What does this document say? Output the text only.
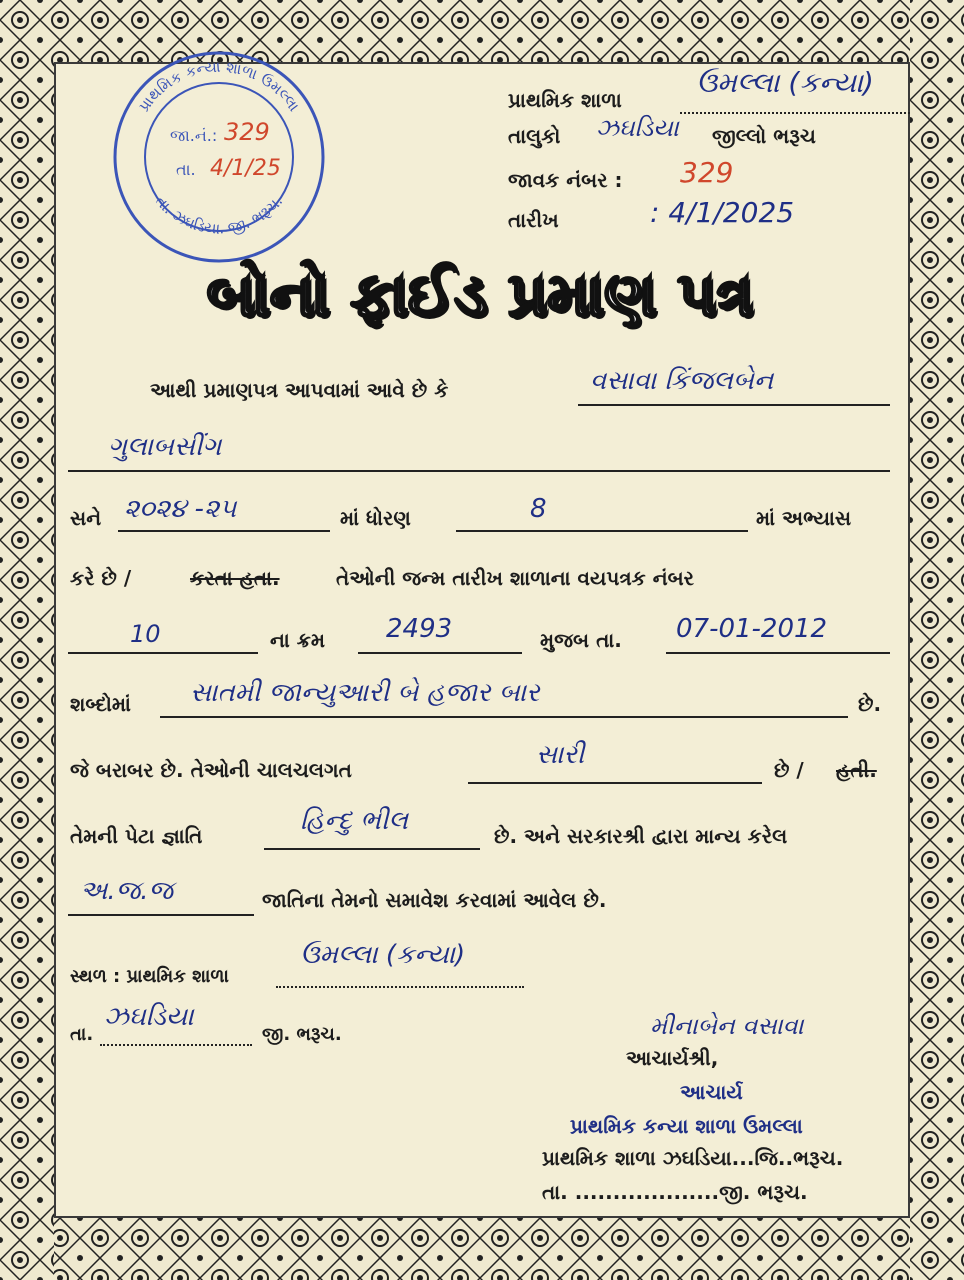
પ્રાથમિક કન્યા શાળા ઉમલ્લા
તા. ઝઘડિયા. જી. ભરૂચ.
જા.નં.: 329
તા. 4/1/25
પ્રાથમિક શાળા
ઉમલ્લા (કન્યા)
તાલુકો ઝઘડિયા જીલ્લો ભરૂચ
જાવક નંબર : 329
તારીખ	: 4/1/2025
બોનો ફાઈડ પ્રમાણ પત્ર
આથી પ્રમાણપત્ર આપવામાં આવે છે કે	વસાવા કિંજલબેન
ગુલાબસીંગ
સને ૨૦૨૪ -૨૫	માં ધોરણ	8	માં અભ્યાસ
કરે છે /	કરતા હતા.	તેઓની જન્મ તારીખ શાળાના વયપત્રક નંબર
10	ના ક્રમ 2493	મુજબ તા. 07-01-2012
શબ્દોમાં સાતમી જાન્યુઆરી બે હજાર બાર	છે.
જે બરાબર છે. તેઓની ચાલચલગત	સારી	છે / હતી.
તેમની પેટા જ્ઞાતિ	હિન્દુ ભીલ	છે. અને સરકારશ્રી દ્વારા માન્ય કરેલ
અ.જ.જ	જાતિના તેમનો સમાવેશ કરવામાં આવેલ છે.
સ્થળ : પ્રાથમિક શાળા
ઉમલ્લા (કન્યા)
તા.
ઝઘડિયા
જી. ભરૂચ.	મીનાબેન વસાવા
આચાર્યશ્રી,
આચાર્ય
પ્રાથમિક કન્યા શાળા ઉમલ્લા
પ્રાથમિક શાળા ઝઘડિયા...જિ..ભરૂચ.
તા. ...................જી. ભરૂચ.
